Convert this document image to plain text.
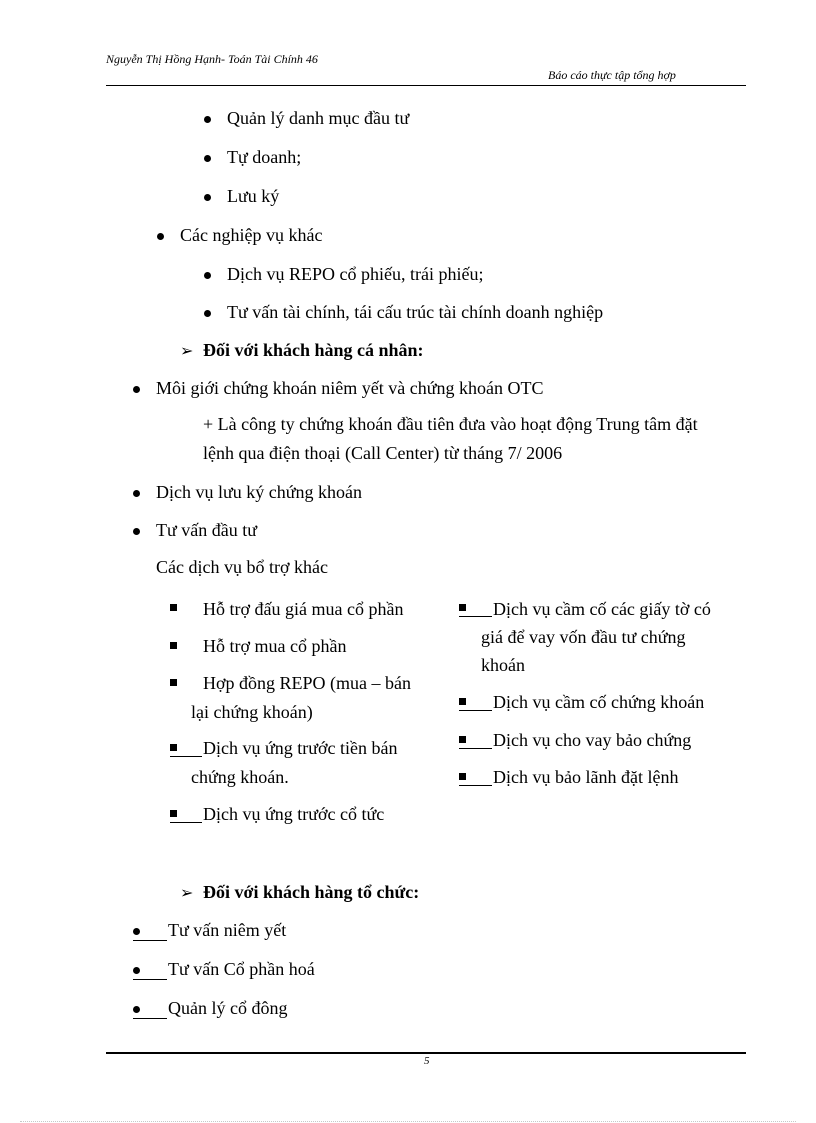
Nguyễn Thị Hồng Hạnh- Toán Tài Chính 46
Báo cáo thực tập tổng hợp
Quản lý danh mục đầu tư
Tự doanh;
Lưu ký
Các nghiệp vụ khác
Dịch vụ REPO cổ phiếu, trái phiếu;
Tư vấn tài chính, tái cấu trúc tài chính doanh nghiệp
➢ Đối với khách hàng cá nhân:
Môi giới chứng khoán niêm yết và chứng khoán OTC
+ Là công ty chứng khoán đầu tiên đưa vào hoạt động Trung tâm đặt
lệnh qua điện thoại (Call Center) từ tháng 7/ 2006
Dịch vụ lưu ký chứng khoán
Tư vấn đầu tư
Các dịch vụ bổ trợ khác
Hỗ trợ đấu giá mua cổ phần
Hỗ trợ mua cổ phần
Hợp đồng REPO (mua – bán
lại chứng khoán)
Dịch vụ ứng trước tiền bán
chứng khoán.
Dịch vụ ứng trước cổ tức
Dịch vụ cầm cố các giấy tờ có
giá để vay vốn đầu tư chứng
khoán
Dịch vụ cầm cố chứng khoán
Dịch vụ cho vay bảo chứng
Dịch vụ bảo lãnh đặt lệnh
➢ Đối với khách hàng tổ chức:
Tư vấn niêm yết
Tư vấn Cổ phần hoá
Quản lý cổ đông
5
